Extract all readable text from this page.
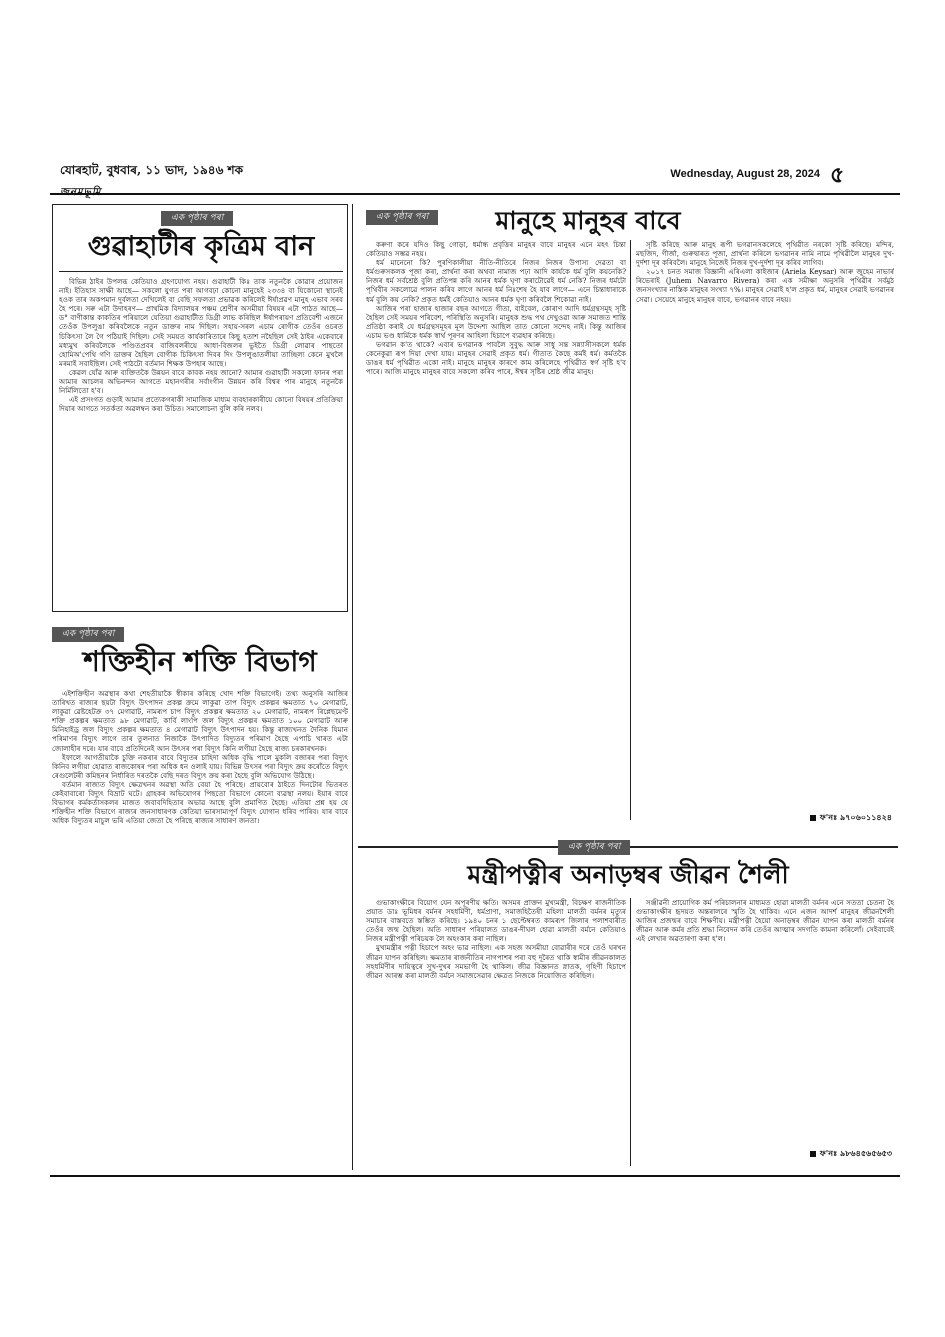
যোৰহাট, বুধবাৰ, ১১ ভাদ, ১৯৪৬ শক	Wednesday, August 28, 2024 ৫
এক পৃষ্ঠাৰ পৰা
গুৱাহাটীৰ কৃত্ৰিম বান

বিভিন্ন ঠাইৰ উপলব্ধ কেতিয়াও গ্ৰহণযোগ্য নহয়। গুৱাহাটী কিঃ তাক নতুনকৈ কোৱাৰ প্ৰয়োজন নাই। ইতিহাস সাক্ষী আছে— সকলো যুগত পৰা আগবঢ়া কোনো মানুহেই ২৩৩৪ বা যিকোনো স্থানেই হওক তাৰ অকপমান দুৰ্বলতা দেখিলেই বা বেছি সফলতা প্ৰভাৱক কৰিলেই ঈৰ্ষাপ্ৰৱণ মানুহ এভাব সৰব হৈ পৰে। সৰু এটা উদাহৰণ— প্ৰাথমিক বিদ্যালয়ৰ পঞ্চম শ্ৰেণীৰ অসমীয়া বিষয়ৰ এটা পাঠত আছে— ড° বাণীকান্ত কাকতিৰ পৰিয়ালে যেতিয়া গুৱাহাটীত ডিগ্ৰী লাভ কৰিছিল ঈৰ্ষাপৰায়ণ প্ৰতিবেশী এজনে তেওঁক উপলুঙা কৰিবলৈকে নতুন ডাক্তৰ নাম দিছিল। সহায়-সৰল এচাম ৰোগীক তেওঁৰ ওচৰত চিকিৎসা লৈ গৈ পঠিয়াই দিছিল। সেই সময়ত কাৰ্যকাৰিতাৰে কিছু হতাশ নহৈছিল সেই ঠাইৰ একেবাৰে মধ্যমুখ কৰিবলৈকে পণ্ডিতপ্ৰবৰ বাজিবলৰীয়ে আধা-বিজলৰ ভুইতৈ ডিগ্ৰী লোৱাৰ পাছতো হোমিঅ'পেথি গণি ডাক্তৰ হৈছিল বোগীক চিকিৎসা দিবৰ দিং উপলুঙাতলীয়া তাচ্ছিল্য কেনে মুখলৈ মৰমাই সবাইছিল। সেই পাঠটো বৰ্তমান শিক্ষক উপহাৰ আছে।

কেৱল যোঁৱ আৰু ব্যক্তিতকৈ উন্নয়ন বাবে কাবক নহয় জানো? আমাৰ গুৱাহাটী সকলো ফানৰ পৰা আমাৰ আচলৰ অভিনন্দন আগতে মহানগৰীৰ সৰ্বাংগীন উন্নয়ন কৰি বিশ্বৰ পাৰ মানুহে নতুনকৈ নিৰ্মিলিতো হ'ব।

এই প্ৰসংগত গুড়াই আমাৰ প্ৰত্যেকগৰাকী সামাজিক মাধ্যম ব্যবহাৰকাৰীয়ে কোনো বিষয়ৰ প্ৰতিক্ৰিয়া দিয়াৰ আগতে সতৰ্কতা অৱলম্বন কৰা উচিত। সমালোচনা বুলি কৰি নলব।

এক পৃষ্ঠাৰ পৰা	মানুহে মানুহৰ বাবে

কৰুণা কৰে যদিও কিছু গোড়া, ধৰ্মান্ধ প্ৰবৃত্তিৰ মানুহৰ বাবে মানুহৰ এনে মহৎ চিন্তা কেতিয়াও সম্ভৱ নহয়।

ধৰ্ম মানেনো কি? পুৰণিকালীয়া নীতি-নীতিৰে নিজৰ নিজৰ উপাস্য দেৱতা বা ধৰ্মগুৰুসকলক পূজা কৰা, প্ৰাৰ্থনা কৰা অথবা নামাজ পঢ়া আদি কাৰ্যকে ধৰ্ম বুলি কয়নেকি? নিজৰ ধৰ্ম সৰ্বশ্ৰেষ্ঠ বুলি প্ৰতিপন্ন কৰি আনৰ ধৰ্মক ঘৃণা কৰাটোৱেই ধৰ্ম নেকি? নিজৰ ধৰ্মটো পৃথিবীৰ সকলোৱে পালন কৰিব লাগে আনৰ ধৰ্ম নিঃশেষ হৈ যাব লাগে— এনে চিন্তাধাৰাকে ধৰ্ম বুলি কয় নেকি? প্ৰকৃত ধৰ্মই কেতিয়াও আনৰ ধৰ্মক ঘৃণা কৰিবলৈ শিকোৱা নাই।

আজিৰ পৰা হাজাৰ হাজাৰ বছৰ আগতে গীতা, বাইবেল, কোৰাণ আদি ধৰ্মগ্ৰন্থসমূহ সৃষ্টি হৈছিল সেই সময়ৰ পৰিবেশ, পৰিস্থিতি অনুসৰি। মানুহক শুদ্ধ পথ দেখুওৱা আৰু সমাজত শান্তি প্ৰতিষ্ঠা কৰাই যে ধৰ্মগ্ৰন্থসমূহৰ মূল উদ্দেশ্য আছিল তাত কোনো সন্দেহ নাই। কিন্তু আজিৰ এচাম ভণ্ড ধাৰ্মিকে ধৰ্মক স্বাৰ্থ পূৰণৰ আহিলা হিচাপে ব্যৱহাৰ কৰিছে।

ভগৱান ক'ত থাকে? এবাৰ ভগৱানক পাবলৈ সুবুদ্ধ আৰু সাধু সন্ত সন্ন্যাসীসকলে ধৰ্মক কেনেকুৱা ৰূপ দিয়া দেখা যায়। মানুহৰ সেৱাই প্ৰকৃত ধৰ্ম। গীতাত কৈছে কৰ্মই ধৰ্ম। কৰ্মতকৈ ডাঙৰ ধৰ্ম পৃথিৱীত একো নাই। মানুহে মানুহৰ কাৰণে কাম কৰিলেহে পৃথিৱীত স্বৰ্গ সৃষ্টি হ'ব পাৰে। আজি মানুহে মানুহৰ বাবে সকলো কৰিব পাৰে, ঈশ্বৰ সৃষ্টিৰ শ্ৰেষ্ঠ জীৱ মানুহ।

সৃষ্টি কৰিছে আৰু মানুহ ৰূপী ভগৱানসকলেহে পৃথিৱীত নৰকো সৃষ্টি কৰিছে। মন্দিৰ, মছজিদ, গীৰ্জা, গুৰুদ্বাৰত পূজা, প্ৰাৰ্থনা কৰিলে ভগৱানৰ নামি নামে পৃথিৱীলৈ মানুহৰ দুখ-দুৰ্দশা দূৰ কৰিবলৈ। মানুহে নিজেই নিজৰ দুখ-দুৰ্দশা দূৰ কৰিব লাগিব।

২০১৭ চনত সমাজ বিজ্ঞানী এৰিএলা কাইজাৰ (Ariela Keysar) আৰু জুহেম নাভাৰ্ৰ ৰিভেৰাই (Juhem Navarro Rivera) কৰা এক সমীক্ষা অনুসৰি পৃথিৱীৰ সৰ্বমুঠ জনসংখ্যাৰ নাস্তিক মানুহৰ সংখ্যা ৭%। মানুহৰ সেৱাই হ'ল প্ৰকৃত ধৰ্ম, মানুহৰ সেৱাই ভগৱানৰ সেৱা। সেয়েহে মানুহে মানুহৰ বাবে, ভগৱানৰ বাবে নহয়।

ফ'নঃ ৯৭০৬০১১৪২৪
এক পৃষ্ঠাৰ পৰা
শক্তিহীন শক্তি বিভাগ

এইশক্তিহীন অৱস্থাৰ কথা শেহতীয়াকৈ স্বীকাৰ কৰিছে খোদ শক্তি বিভাগেই। তথ্য অনুসৰি আজিৰ তাৰিখত ৰাজ্যৰ ছয়টা বিদ্যুৎ উৎপাদন প্ৰকল্প ক্ৰমে লাকুৱা তাপ বিদ্যুৎ প্ৰকল্পৰ ক্ষমতাত ৭০ মেগাৱাট, লাকুৱা ৱেষ্টহেটক্ৰ ৩৭ মেগাৱাট, নামৰূপ চাপ বিদ্যুৎ প্ৰকল্পৰ ক্ষমতাত ২০ মেগাৱাট, নামৰূপ ৰিপ্লেছমেণ্ট শক্তি প্ৰকল্পৰ ক্ষমতাত ৯৮ মেগাৱাট, কাৰ্বি লাংপি জল বিদ্যুৎ প্ৰকল্পৰ ক্ষমতাত ১০০ মেগাৱাট আৰু মিনিহাইড্ৰ জল বিদ্যুৎ প্ৰকল্পৰ ক্ষমতাত ৪ মেগাৱাট বিদ্যুৎ উৎপাদন হয়। কিন্তু ৰাজ্যখনত দৈনিক যিমান পৰিমাণৰ বিদ্যুৎ লাগে তাৰ তুলনাত নিজাকৈ উৎপাদিত বিদ্যুতৰ পৰিমাণ হৈছে এপাচি খাৰত এটা জোলাহীৰ দৰে। যাৰ বাবে প্ৰতিদিনেই আন উৎসৰ পৰা বিদ্যুৎ কিনি লগীয়া হৈছে ৰাজ্য চৰকাৰখনক।

ইফালে আগতীয়াকৈ চুক্তি নকৰাৰ বাবে বিদ্যুতৰ চাহিদা অধিক বৃদ্ধি পালে মুকলি বজাৰৰ পৰা বিদ্যুৎ কিনিব লগীয়া হোৱাত ৰাজকোষৰ পৰা অধিক ধন ওলাই যায়। বিভিন্ন উৎসৰ পৰা বিদ্যুৎ ক্ৰয় কৰোঁতে বিদ্যুৎ ৰেগুলেটৰী কমিছনৰ নিৰ্ধাৰিত দৰতকৈ বেছি দৰত বিদ্যুৎ ক্ৰয় কৰা হৈছে বুলি অভিযোগ উঠিছে।

বৰ্তমান ৰাজ্যত বিদ্যুৎ ক্ষেত্ৰখনৰ অৱস্থা অতি বেয়া হৈ পৰিছে। প্ৰায়বোৰ ঠাইতে দিনটোৰ ভিতৰত কেইবাবাৰো বিদ্যুৎ বিভ্ৰাট ঘটে। গ্ৰাহকৰ অভিযোগৰ পিছতো বিভাগে কোনো ব্যৱস্থা নলয়। ইয়াৰ বাবে বিভাগৰ কৰ্মকৰ্তাসকলৰ মাজত জবাবদিহিতাৰ অভাৱ আছে বুলি প্ৰমাণিত হৈছে। এতিয়া প্ৰশ্ন হয় যে শক্তিহীন শক্তি বিভাগে ৰাজ্যৰ জনসাধাৰণক কেতিয়া ভাৰসাম্যপূৰ্ণ বিদ্যুৎ যোগান ধৰিব পাৰিব। যাৰ বাবে অধিক বিদ্যুতৰ মাচুল ভৰি এতিয়া জেতা হৈ পৰিছে ৰাজ্যৰ সাধাৰণ জনতা।

এক পৃষ্ঠাৰ পৰা
মন্ত্ৰীপত্নীৰ অনাড়ম্বৰ জীৱন শৈলী

গুভাকাংক্ষীৰে বিয়োগ যেন অপূৰণীয় ক্ষতি। অসমৰ প্ৰাক্তন মুখ্যমন্ত্ৰী, বিচক্ষণ ৰাজনীতিক প্ৰয়াত ডাঃ ভূমিধৰ বৰ্মনৰ সহধৰ্মিণী, ধৰ্মপ্ৰাণা, সমাজহিতৈষী মহিলা মালতী বৰ্মনৰ মৃত্যুৰ সমাচাৰ বাস্তবতে স্তম্ভিত কৰিছে। ১৯৪০ চনৰ ১ ছেপ্টেম্বৰত কামৰূপ জিলাৰ পলাশবাৰীত তেওঁৰ জন্ম হৈছিল। অতি সাধাৰণ পৰিয়ালত ডাঙৰ-দীঘল হোৱা মালতী বৰ্মনে কেতিয়াও নিজৰ মন্ত্ৰীপত্নী পৰিচয়ক লৈ অহংকাৰ কৰা নাছিল।

মুখ্যমন্ত্ৰীৰ পত্নী হিচাপে অহং ভাৱ নাছিল। এক সহজ অসমীয়া বোৱাৰীৰ দৰে তেওঁ ঘৰখন জীৱন যাপন কৰিছিল। ক্ষমতাৰ ৰাজনীতিৰ নাগপাশৰ পৰা বহু দূৰৈত থাকি স্বামীৰ জীৱনকালত সহধৰ্মিণীৰ দায়িত্বৰে সুখ-দুখৰ সমভাগী হৈ থাকিল। জীৱ বিজ্ঞানত স্নাতক, গৃহিণী হিচাপে জীৱন আৰম্ভ কৰা মালতী বৰ্মনে সমাজসেৱাৰ ক্ষেত্ৰত নিজকে নিয়োজিত কৰিছিল।

সঞ্জীৱনী প্ৰায়োগিক কৰ্ম পৰিচালনাৰ মাধ্যমত হোৱা মালতী বৰ্মনৰ এনে সততা চেতনা হৈ গুভাকাংক্ষীৰ হৃদয়ত অন্তৰালৰে স্মৃতি হৈ থাকিব। এনে এজন আদৰ্শ মানুহৰ জীৱনশৈলী আজিৰ প্ৰজন্মৰ বাবে শিক্ষণীয়। মন্ত্ৰীপত্নী হৈয়ো অনাড়ম্বৰ জীৱন যাপন কৰা মালতী বৰ্মনৰ জীৱন আৰু কৰ্মৰ প্ৰতি শ্ৰদ্ধা নিবেদন কৰি তেওঁৰ আত্মাৰ সদগতি কামনা কৰিলোঁ। সেইবাবেই এই লেখাৰ অৱতাৰণা কৰা হ'ল।

ফ'নঃ ৯৮৬৪৫৬৫৬৫৩
